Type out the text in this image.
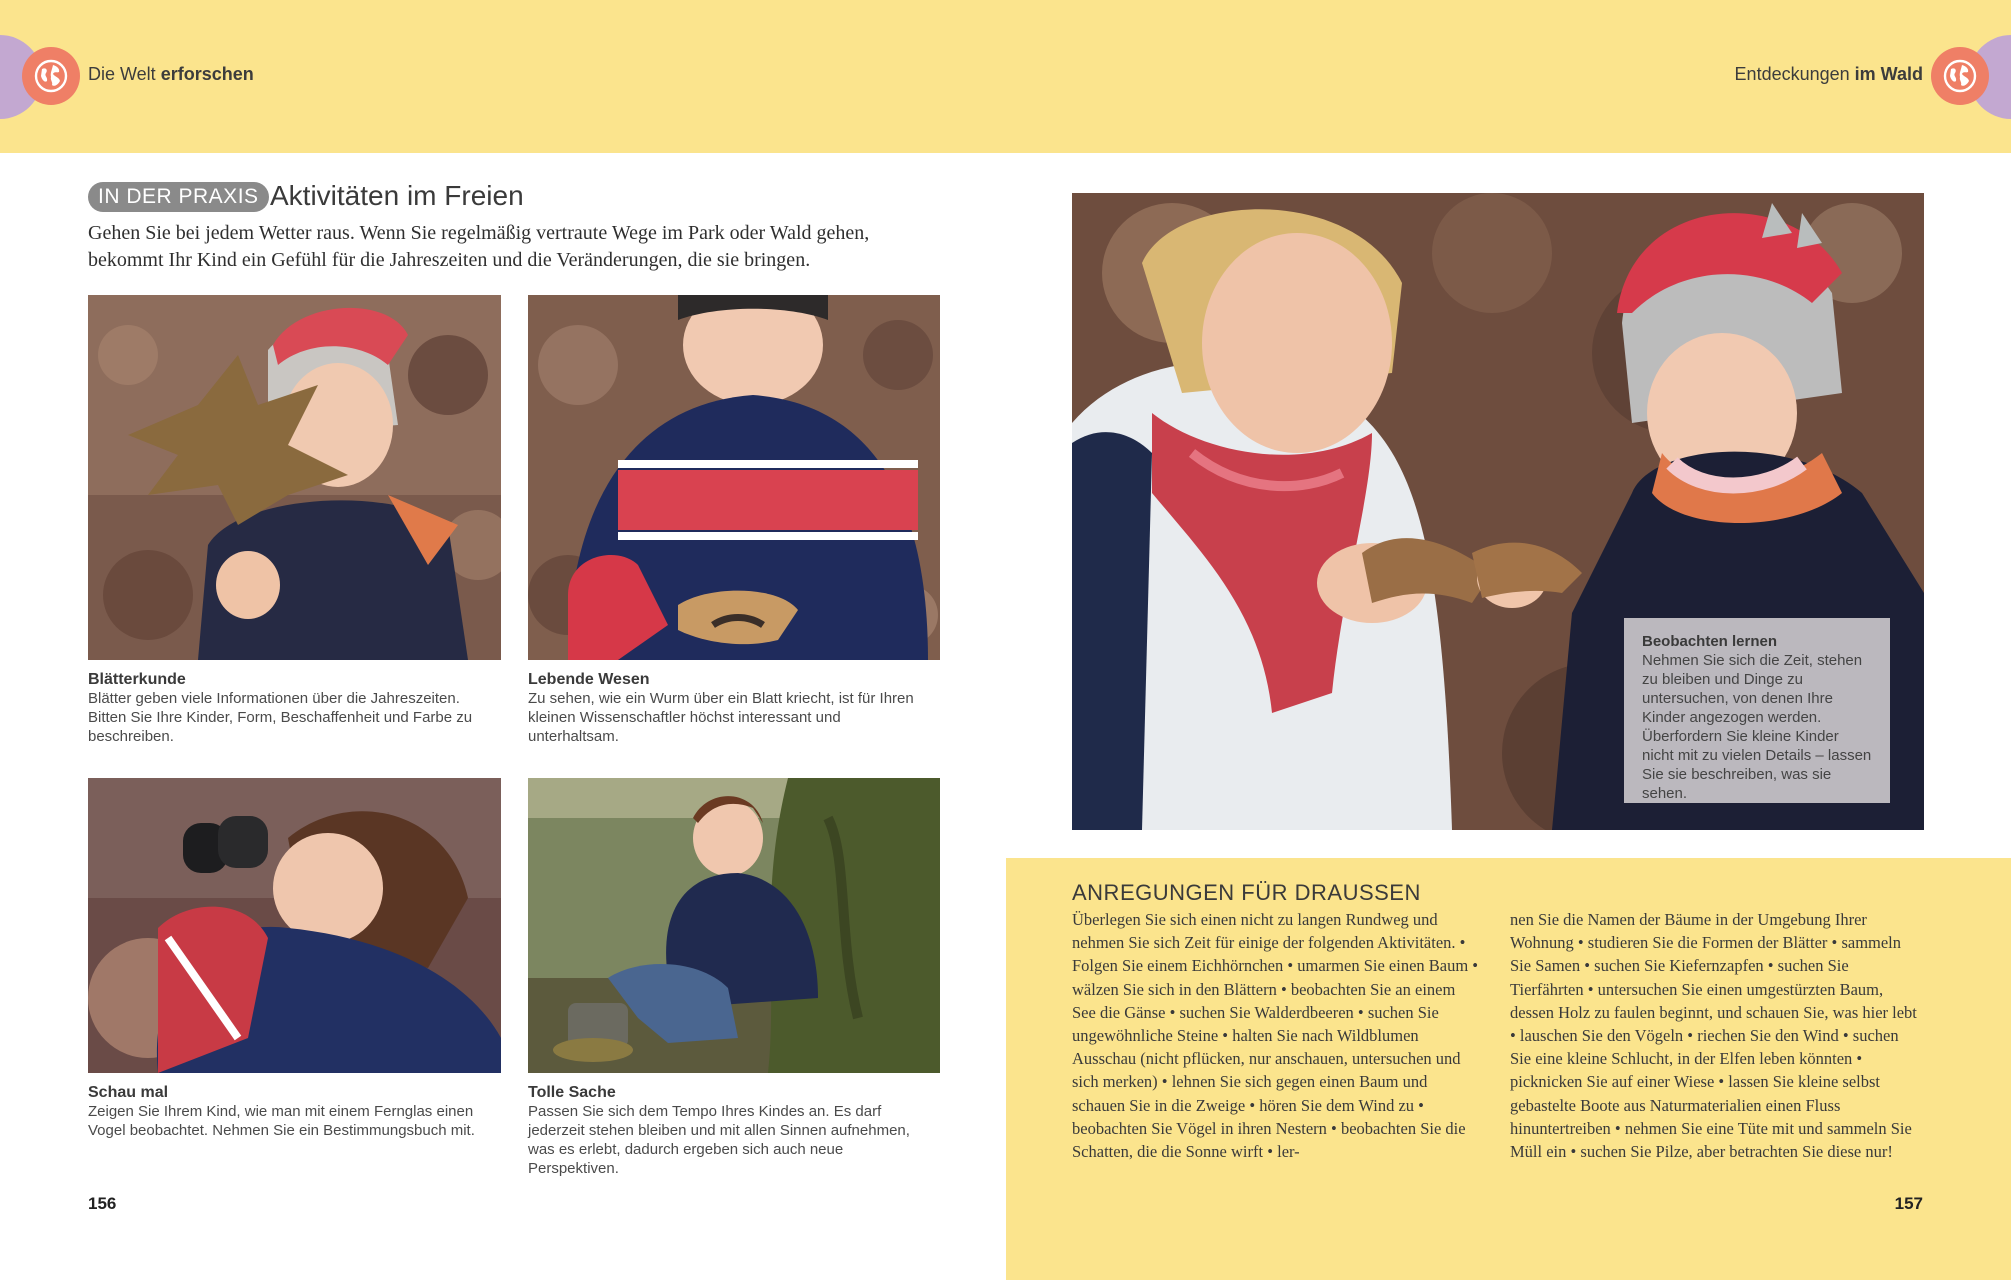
Die Welt erforschen	Entdeckungen im Wald
IN DER PRAXIS Aktivitäten im Freien
Gehen Sie bei jedem Wetter raus. Wenn Sie regelmäßig vertraute Wege im Park oder Wald gehen, bekommt Ihr Kind ein Gefühl für die Jahreszeiten und die Veränderungen, die sie bringen.
Blätterkunde
Blätter geben viele Informationen über die Jahreszeiten. Bitten Sie Ihre Kinder, Form, Beschaffenheit und Farbe zu beschreiben.
Lebende Wesen
Zu sehen, wie ein Wurm über ein Blatt kriecht, ist für Ihren kleinen Wissenschaftler höchst interessant und unterhaltsam.
Schau mal
Zeigen Sie Ihrem Kind, wie man mit einem Fernglas einen Vogel beobachtet. Nehmen Sie ein Bestimmungsbuch mit.
Tolle Sache
Passen Sie sich dem Tempo Ihres Kindes an. Es darf jederzeit stehen bleiben und mit allen Sinnen aufnehmen, was es erlebt, dadurch ergeben sich auch neue Perspektiven.
Beobachten lernen
Nehmen Sie sich die Zeit, stehen zu bleiben und Dinge zu untersuchen, von denen Ihre Kinder angezogen werden. Überfordern Sie kleine Kinder nicht mit zu vielen Details – lassen Sie sie beschreiben, was sie sehen.
ANREGUNGEN FÜR DRAUSSEN
Überlegen Sie sich einen nicht zu langen Rundweg und nehmen Sie sich Zeit für einige der folgenden Aktivitäten. • Folgen Sie einem Eichhörnchen • umarmen Sie einen Baum • wälzen Sie sich in den Blättern • beobachten Sie an einem See die Gänse • suchen Sie Walderdbeeren • suchen Sie ungewöhnliche Steine • halten Sie nach Wildblumen Ausschau (nicht pflücken, nur anschauen, untersuchen und sich merken) • lehnen Sie sich gegen einen Baum und schauen Sie in die Zweige • hören Sie dem Wind zu • beobachten Sie Vögel in ihren Nestern • beobachten Sie die Schatten, die die Sonne wirft • ler-
nen Sie die Namen der Bäume in der Umgebung Ihrer Wohnung • studieren Sie die Formen der Blätter • sammeln Sie Samen • suchen Sie Kiefernzapfen • suchen Sie Tierfährten • untersuchen Sie einen umgestürzten Baum, dessen Holz zu faulen beginnt, und schauen Sie, was hier lebt • lauschen Sie den Vögeln • riechen Sie den Wind • suchen Sie eine kleine Schlucht, in der Elfen leben könnten • picknicken Sie auf einer Wiese • lassen Sie kleine selbst gebastelte Boote aus Naturmaterialien einen Fluss hinuntertreiben • nehmen Sie eine Tüte mit und sammeln Sie Müll ein • suchen Sie Pilze, aber betrachten Sie diese nur!
156	157
